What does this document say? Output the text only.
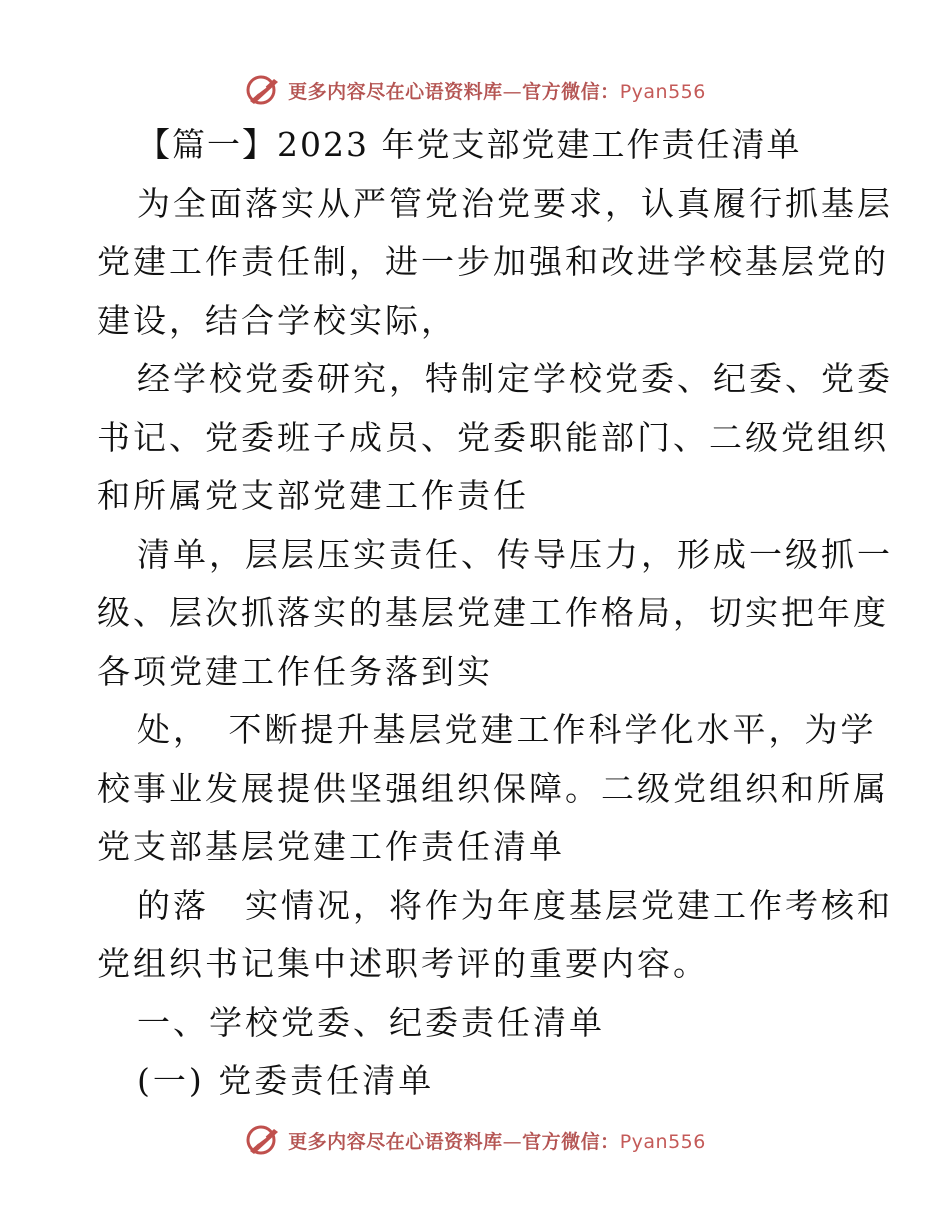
更多内容尽在心语资料库—官方微信：Pyan556
【篇一】2023 年党支部党建工作责任清单
为全面落实从严管党治党要求，认真履行抓基层
党建工作责任制，进一步加强和改进学校基层党的
建设，结合学校实际，
经学校党委研究，特制定学校党委、纪委、党委
书记、党委班子成员、党委职能部门、二级党组织
和所属党支部党建工作责任
清单，层层压实责任、传导压力，形成一级抓一
级、层次抓落实的基层党建工作格局，切实把年度
各项党建工作任务落到实
处，　不断提升基层党建工作科学化水平，为学
校事业发展提供坚强组织保障。二级党组织和所属
党支部基层党建工作责任清单
的落　实情况，将作为年度基层党建工作考核和
党组织书记集中述职考评的重要内容。
一、学校党委、纪委责任清单
(一) 党委责任清单
更多内容尽在心语资料库—官方微信：Pyan556
